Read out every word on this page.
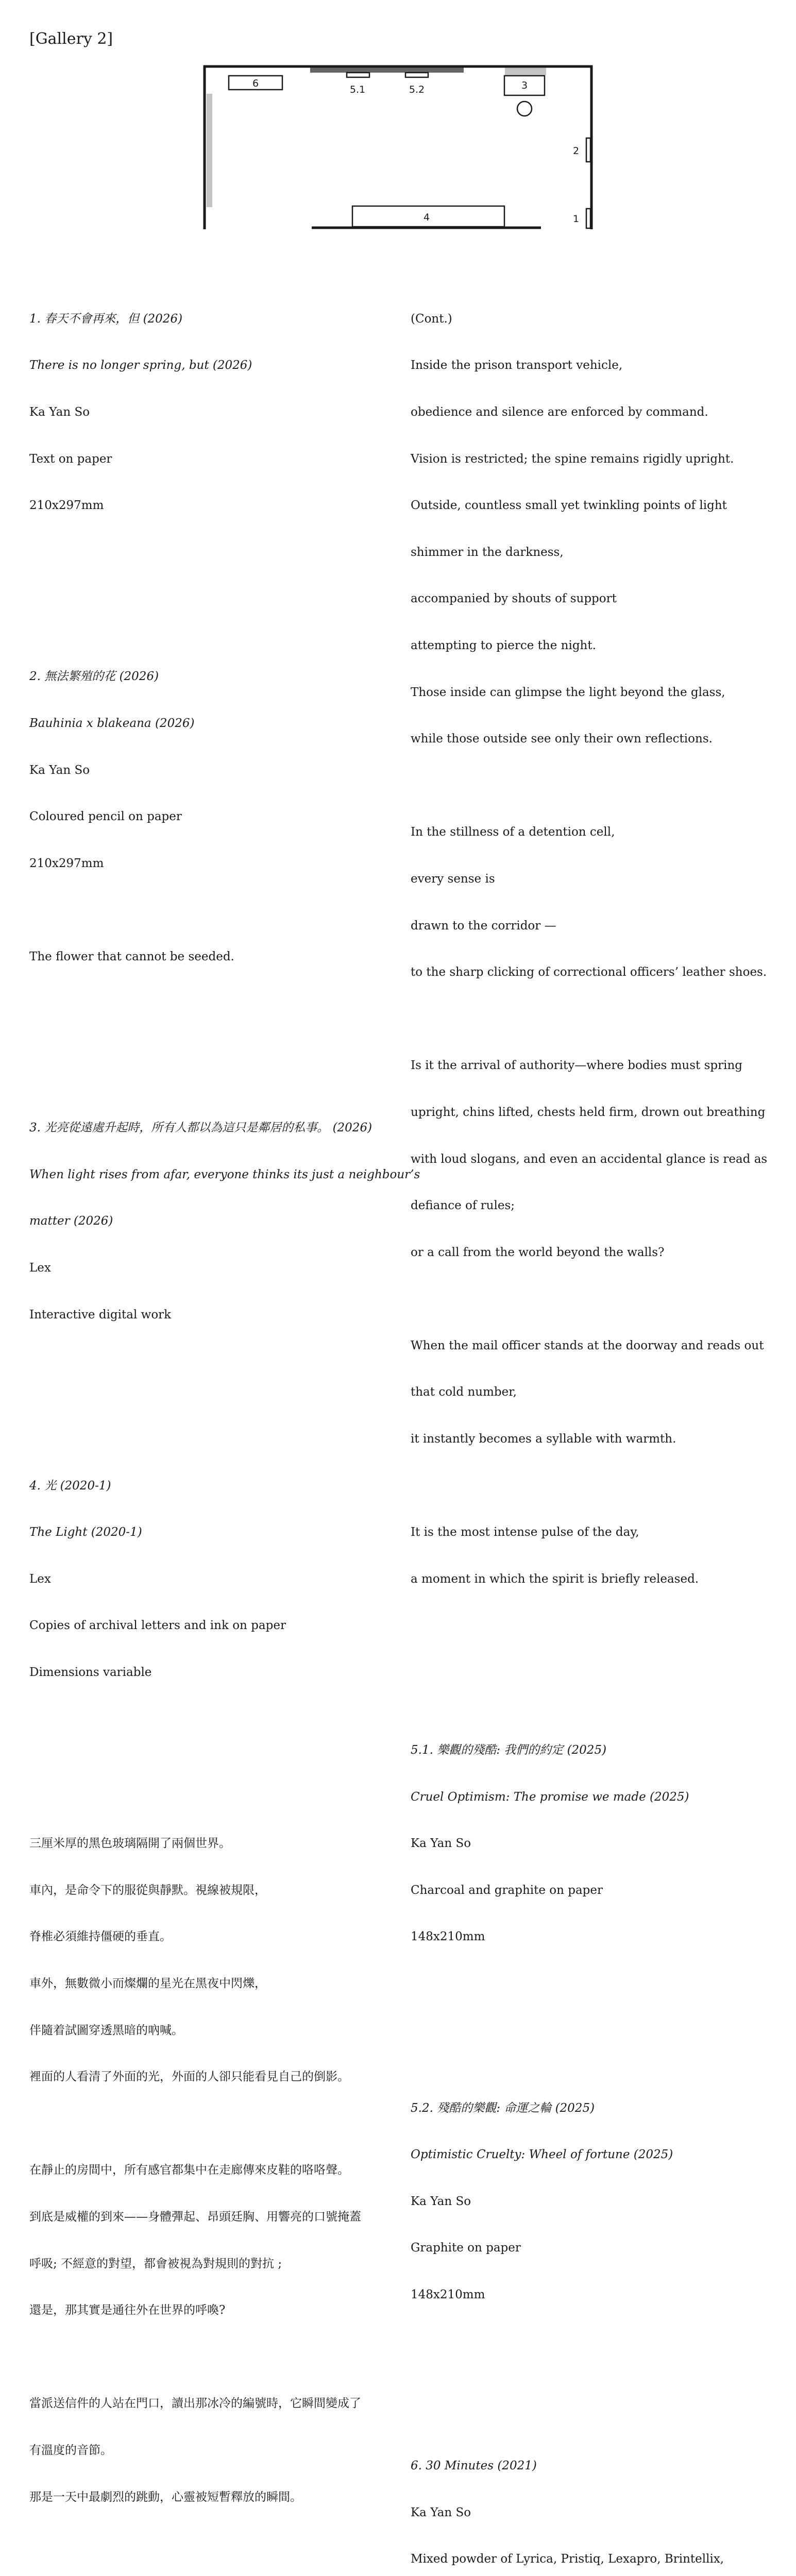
[Gallery 2]
6
5.1	5.2	3
2
4	1

1. 春天不會再來，但 (2026)

There is no longer spring, but (2026)

Ka Yan So

Text on paper

210x297mm

2. 無法繁殖的花 (2026)

Bauhinia x blakeana (2026)

Ka Yan So

Coloured pencil on paper

210x297mm

The flower that cannot be seeded.

3. 光亮從遠處升起時，所有人都以為這只是鄰居的私事。 (2026)

When light rises from afar, everyone thinks its just a neighbour’s

matter (2026)

Lex

Interactive digital work

4. 光 (2020-1)

The Light (2020-1)

Lex

Copies of archival letters and ink on paper

Dimensions variable

三厘米厚的黑色玻璃隔開了兩個世界。

車內，是命令下的服從與靜默。視線被規限，

脊椎必須維持僵硬的垂直。

車外，無數微小而燦爛的星光在黑夜中閃爍，

伴隨着試圖穿透黑暗的吶喊。

裡面的人看清了外面的光，外面的人卻只能看見自己的倒影。

在靜止的房間中，所有感官都集中在走廊傳來皮鞋的咯咯聲。

到底是威權的到來——身體彈起、昂頭廷胸、用響亮的口號掩蓋

呼吸; 不經意的對望，都會被視為對規則的對抗 ;

還是，那其實是通往外在世界的呼喚?

當派送信件的人站在門口，讀出那冰冷的編號時，它瞬間變成了

有溫度的音節。

那是一天中最劇烈的跳動，心靈被短暫釋放的瞬間。

(Cont.)

Inside the prison transport vehicle,

obedience and silence are enforced by command.

Vision is restricted; the spine remains rigidly upright.

Outside, countless small yet twinkling points of light

shimmer in the darkness,

accompanied by shouts of support

attempting to pierce the night.

Those inside can glimpse the light beyond the glass,

while those outside see only their own reflections.

In the stillness of a detention cell,

every sense is

drawn to the corridor —

to the sharp clicking of correctional officers’ leather shoes.

Is it the arrival of authority—where bodies must spring

upright, chins lifted, chests held firm, drown out breathing

with loud slogans, and even an accidental glance is read as

defiance of rules;

or a call from the world beyond the walls?

When the mail officer stands at the doorway and reads out

that cold number,

it instantly becomes a syllable with warmth.

It is the most intense pulse of the day,

a moment in which the spirit is briefly released.

5.1. 樂觀的殘酷: 我們的約定 (2025)

Cruel Optimism: The promise we made (2025)

Ka Yan So

Charcoal and graphite on paper

148x210mm

5.2. 殘酷的樂觀: 命運之輪 (2025)

Optimistic Cruelty: Wheel of fortune (2025)

Ka Yan So

Graphite on paper

148x210mm

6. 30 Minutes (2021)

Ka Yan So

Mixed powder of Lyrica, Pristiq, Lexapro, Brintellix,
